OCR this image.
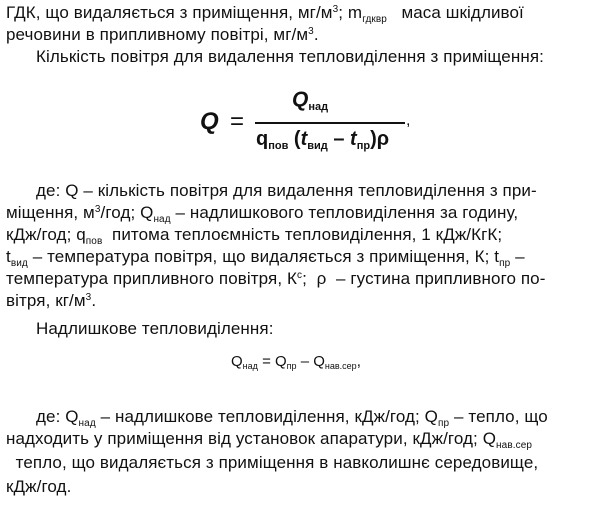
ГДК, що видаляється з приміщення, $мг/м^3$; $m_{гдквр}$   маса шкідливої
речовини в припливному повітрі, $мг/м^3$.
Кількість повітря для видалення тепловиділення з приміщення:
Q =
$Q_{над}$
$q_{пов}$ $(t_{вид} - t_{пр})\rho$
,
де: Q – кількість повітря для видалення тепловиділення з при-
міщення, $м^3$/год; $Q_{над}$ – надлишкового тепловиділення за годину,
кДж/год; $q_{пов}$  питома теплоємність тепловиділення, 1 кДж/КгК;
$t_{вид}$ – температура повітря, що видаляється з приміщення, К; $t_{пр}$ –
температура припливного повітря, $К^с$;  ρ  – густина припливного по-
вітря, $кг/м^3$.
Надлишкове тепловиділення:
$Q_{над} = Q_{пр} - Q_{нав.сер}$,
де: $Q_{над}$ – надлишкове тепловиділення, кДж/год; $Q_{пр}$ – тепло, що
надходить у приміщення від установок апаратури, кДж/год; $Q_{нав.сер}$
тепло, що видаляється з приміщення в навколишнє середовище,
кДж/год.
